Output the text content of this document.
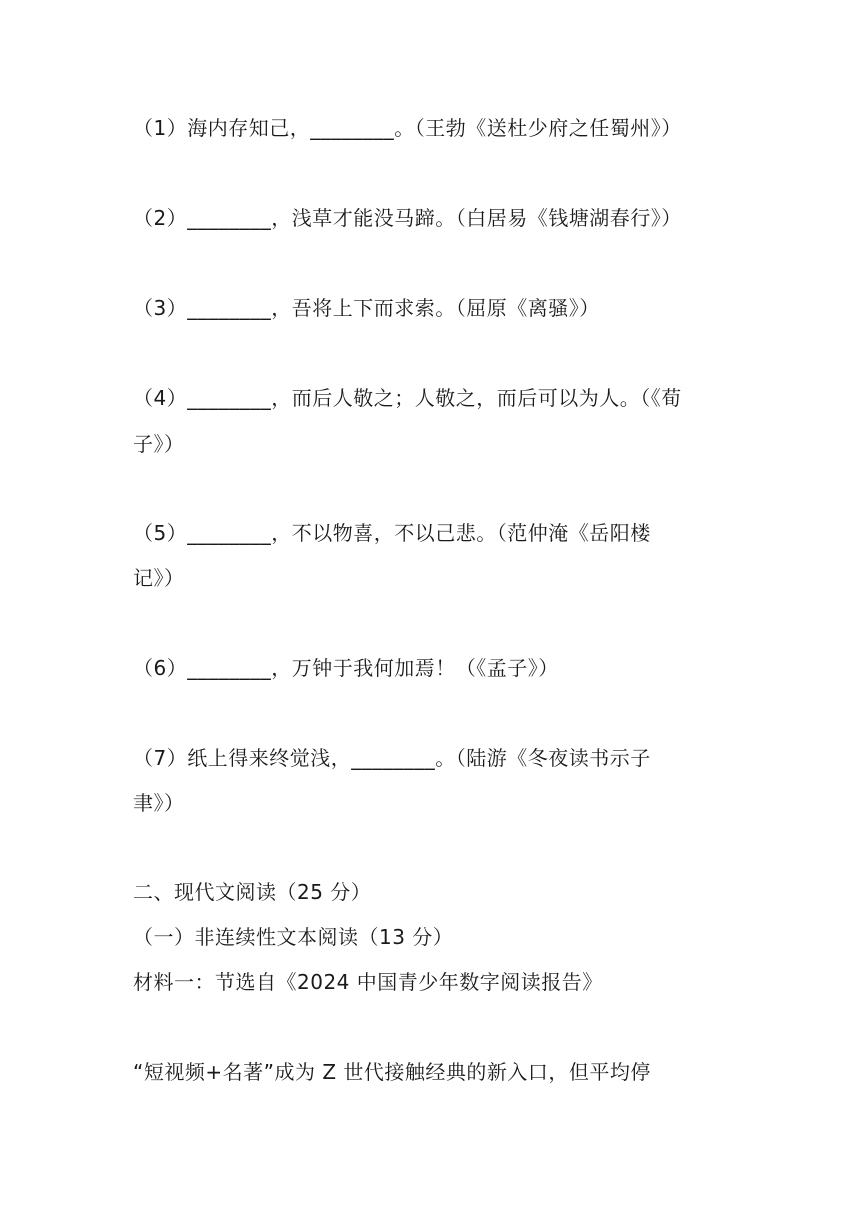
（1）海内存知己，________。（王勃《送杜少府之任蜀州》）
（2）________，浅草才能没马蹄。（白居易《钱塘湖春行》）
（3）________，吾将上下而求索。（屈原《离骚》）
（4）________，而后人敬之；人敬之，而后可以为人。（《荀
子》）
（5）________，不以物喜，不以己悲。（范仲淹《岳阳楼
记》）
（6）________，万钟于我何加焉！（《孟子》）
（7）纸上得来终觉浅，________。（陆游《冬夜读书示子
聿》）
二、现代文阅读（25 分）
（一）非连续性文本阅读（13 分）
材料一：节选自《2024 中国青少年数字阅读报告》
“短视频+名著”成为 Z 世代接触经典的新入口，但平均停
